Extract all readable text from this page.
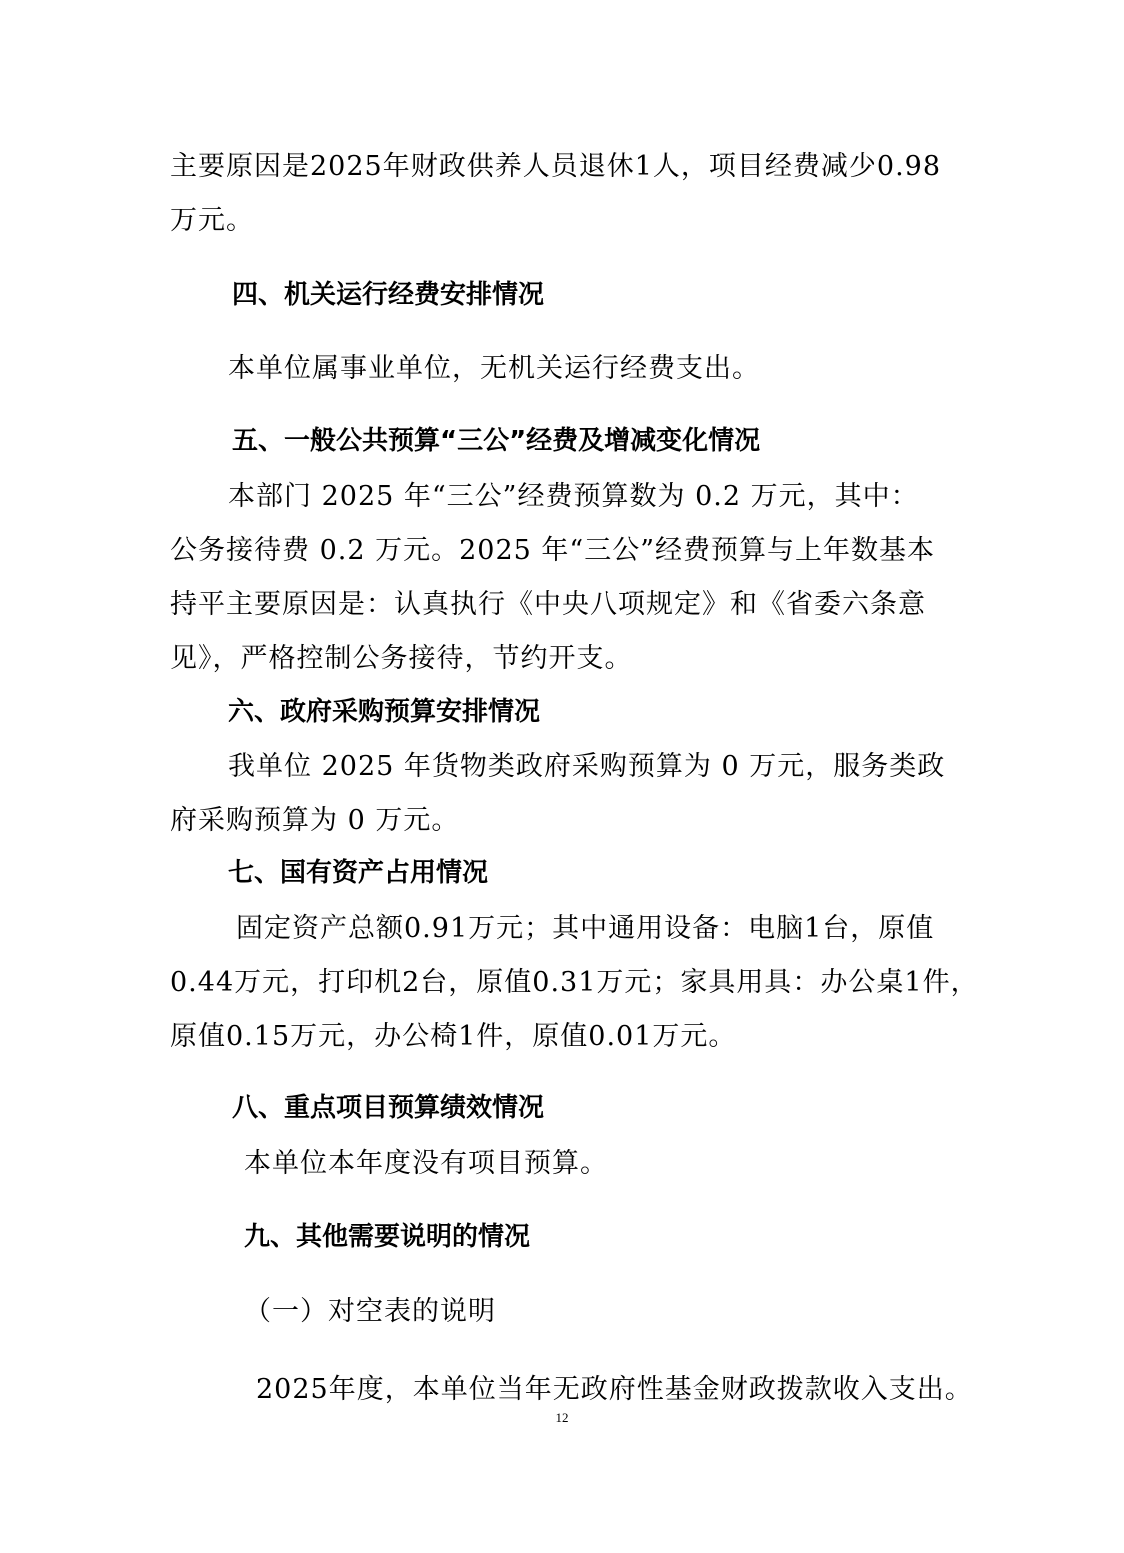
主要原因是2025年财政供养人员退休1人，项目经费减少0.98

万元。

四、机关运行经费安排情况

本单位属事业单位，无机关运行经费支出。

五、一般公共预算“三公”经费及增减变化情况

本部门 2025 年“三公”经费预算数为 0.2 万元，其中：

公务接待费 0.2 万元。2025 年“三公”经费预算与上年数基本

持平主要原因是：认真执行《中央八项规定》和《省委六条意

见》，严格控制公务接待，节约开支。

六、政府采购预算安排情况

我单位 2025 年货物类政府采购预算为 0 万元，服务类政

府采购预算为 0 万元。

七、国有资产占用情况

固定资产总额0.91万元；其中通用设备：电脑1台，原值

0.44万元，打印机2台，原值0.31万元；家具用具：办公桌1件，

原值0.15万元，办公椅1件，原值0.01万元。

八、重点项目预算绩效情况

本单位本年度没有项目预算。

九、其他需要说明的情况

（一）对空表的说明

2025年度，本单位当年无政府性基金财政拨款收入支出。

12
